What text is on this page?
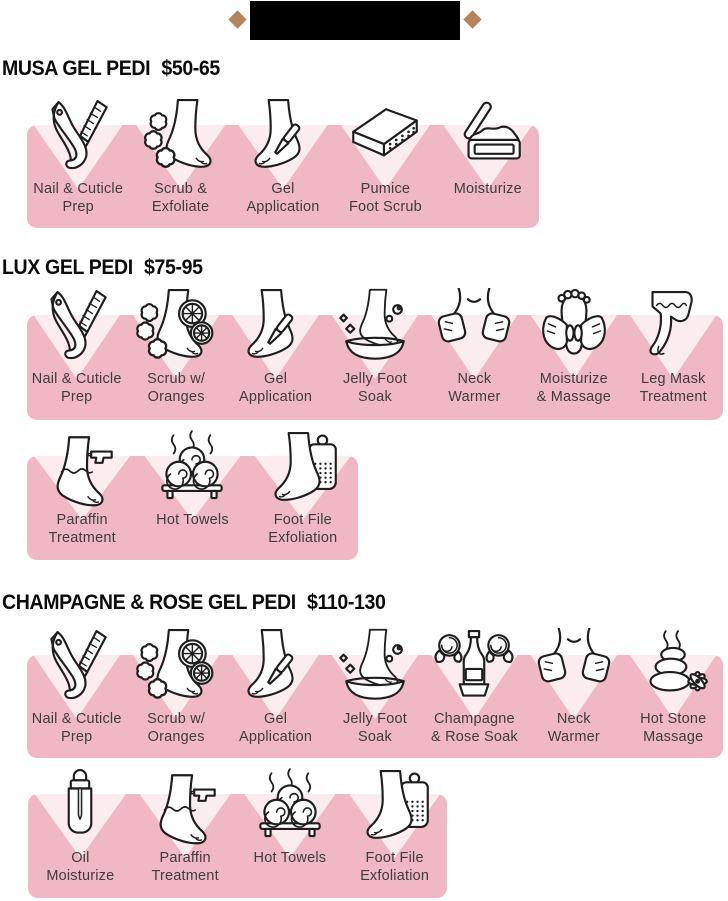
MUSA GEL PEDI $50-65
Nail & Cuticle
Prep
Scrub &
Exfoliate
Gel
Application
Pumice
Foot Scrub
Moisturize
LUX GEL PEDI $75-95
Nail & Cuticle
Prep
Scrub w/
Oranges
Gel
Application
Jelly Foot
Soak
Neck
Warmer
Moisturize
& Massage
Leg Mask
Treatment
Paraffin
Treatment
Hot Towels	Foot File
Exfoliation
CHAMPAGNE & ROSE GEL PEDI $110-130
Nail & Cuticle
Prep
Scrub w/
Oranges
Gel
Application
Jelly Foot
Soak
Champagne
& Rose Soak
Neck
Warmer
Hot Stone
Massage
Oil
Moisturize
Paraffin
Treatment
Hot Towels	Foot File
Exfoliation
